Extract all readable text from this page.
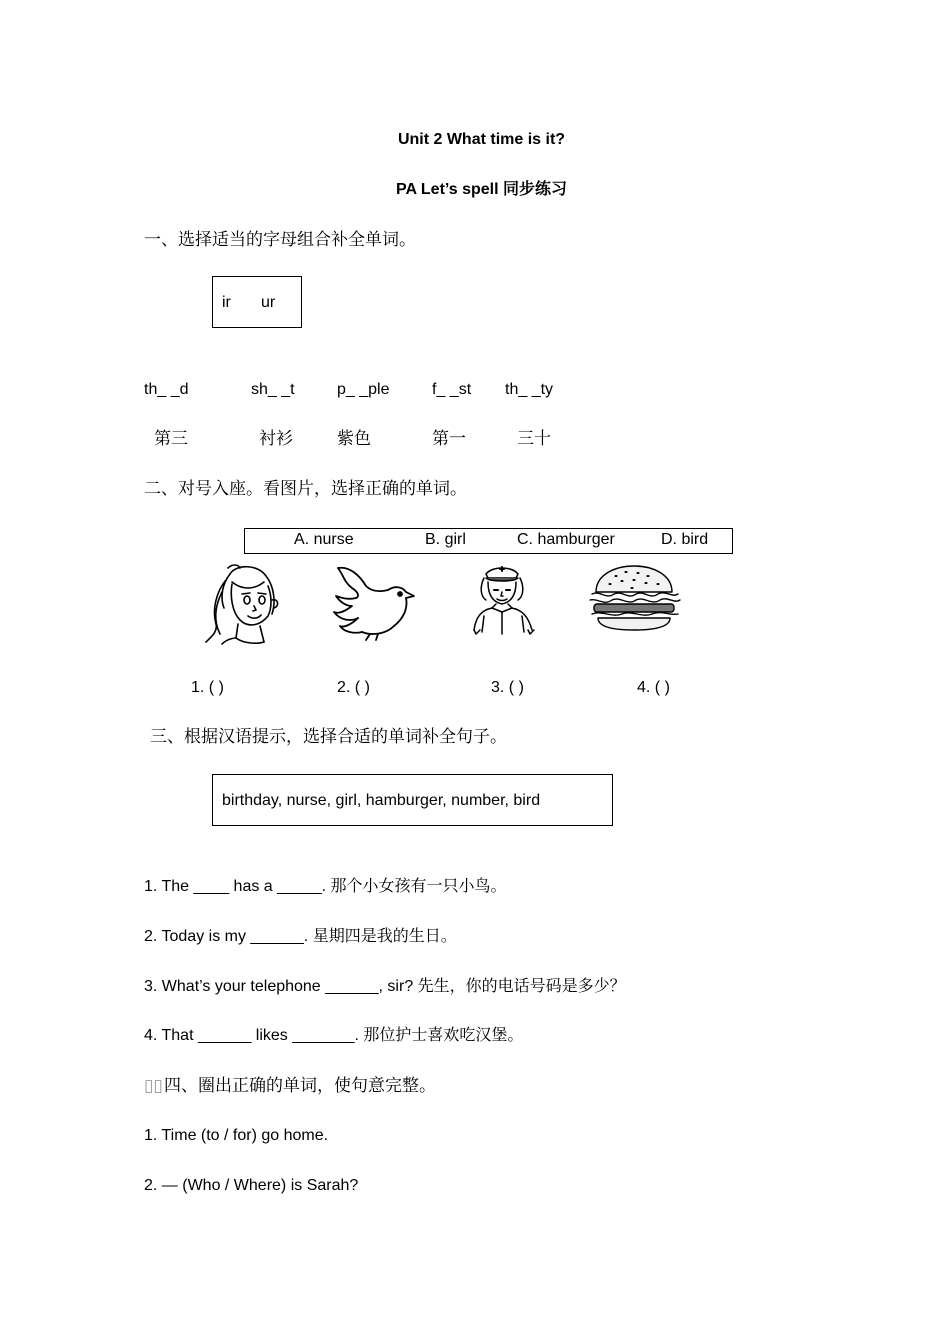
Unit 2 What time is it?
PA Let’s spell 同步练习
一、选择适当的字母组合补全单词。
ir ur
th_ _d	sh_ _t	p_ _ple	f_ _st th_ _ty
第三	衬衫	紫色	第一	三十
二、对号入座。看图片，选择正确的单词。
A. nurse	B. girl	C. hamburger	D. bird
1. ( )	2. ( )	3. ( )	4. ( )
三、根据汉语提示，选择合适的单词补全句子。
birthday, nurse, girl, hamburger, number, bird
1. The ____ has a _____. 那个小女孩有一只小鸟。
2. Today is my ______. 星期四是我的生日。
3. What’s your telephone ______, sir? 先生，你的电话号码是多少？
4. That ______ likes _______. 那位护士喜欢吃汉堡。
▯▯四、圈出正确的单词，使句意完整。
1. Time (to / for) go home.
2. — (Who / Where) is Sarah?
